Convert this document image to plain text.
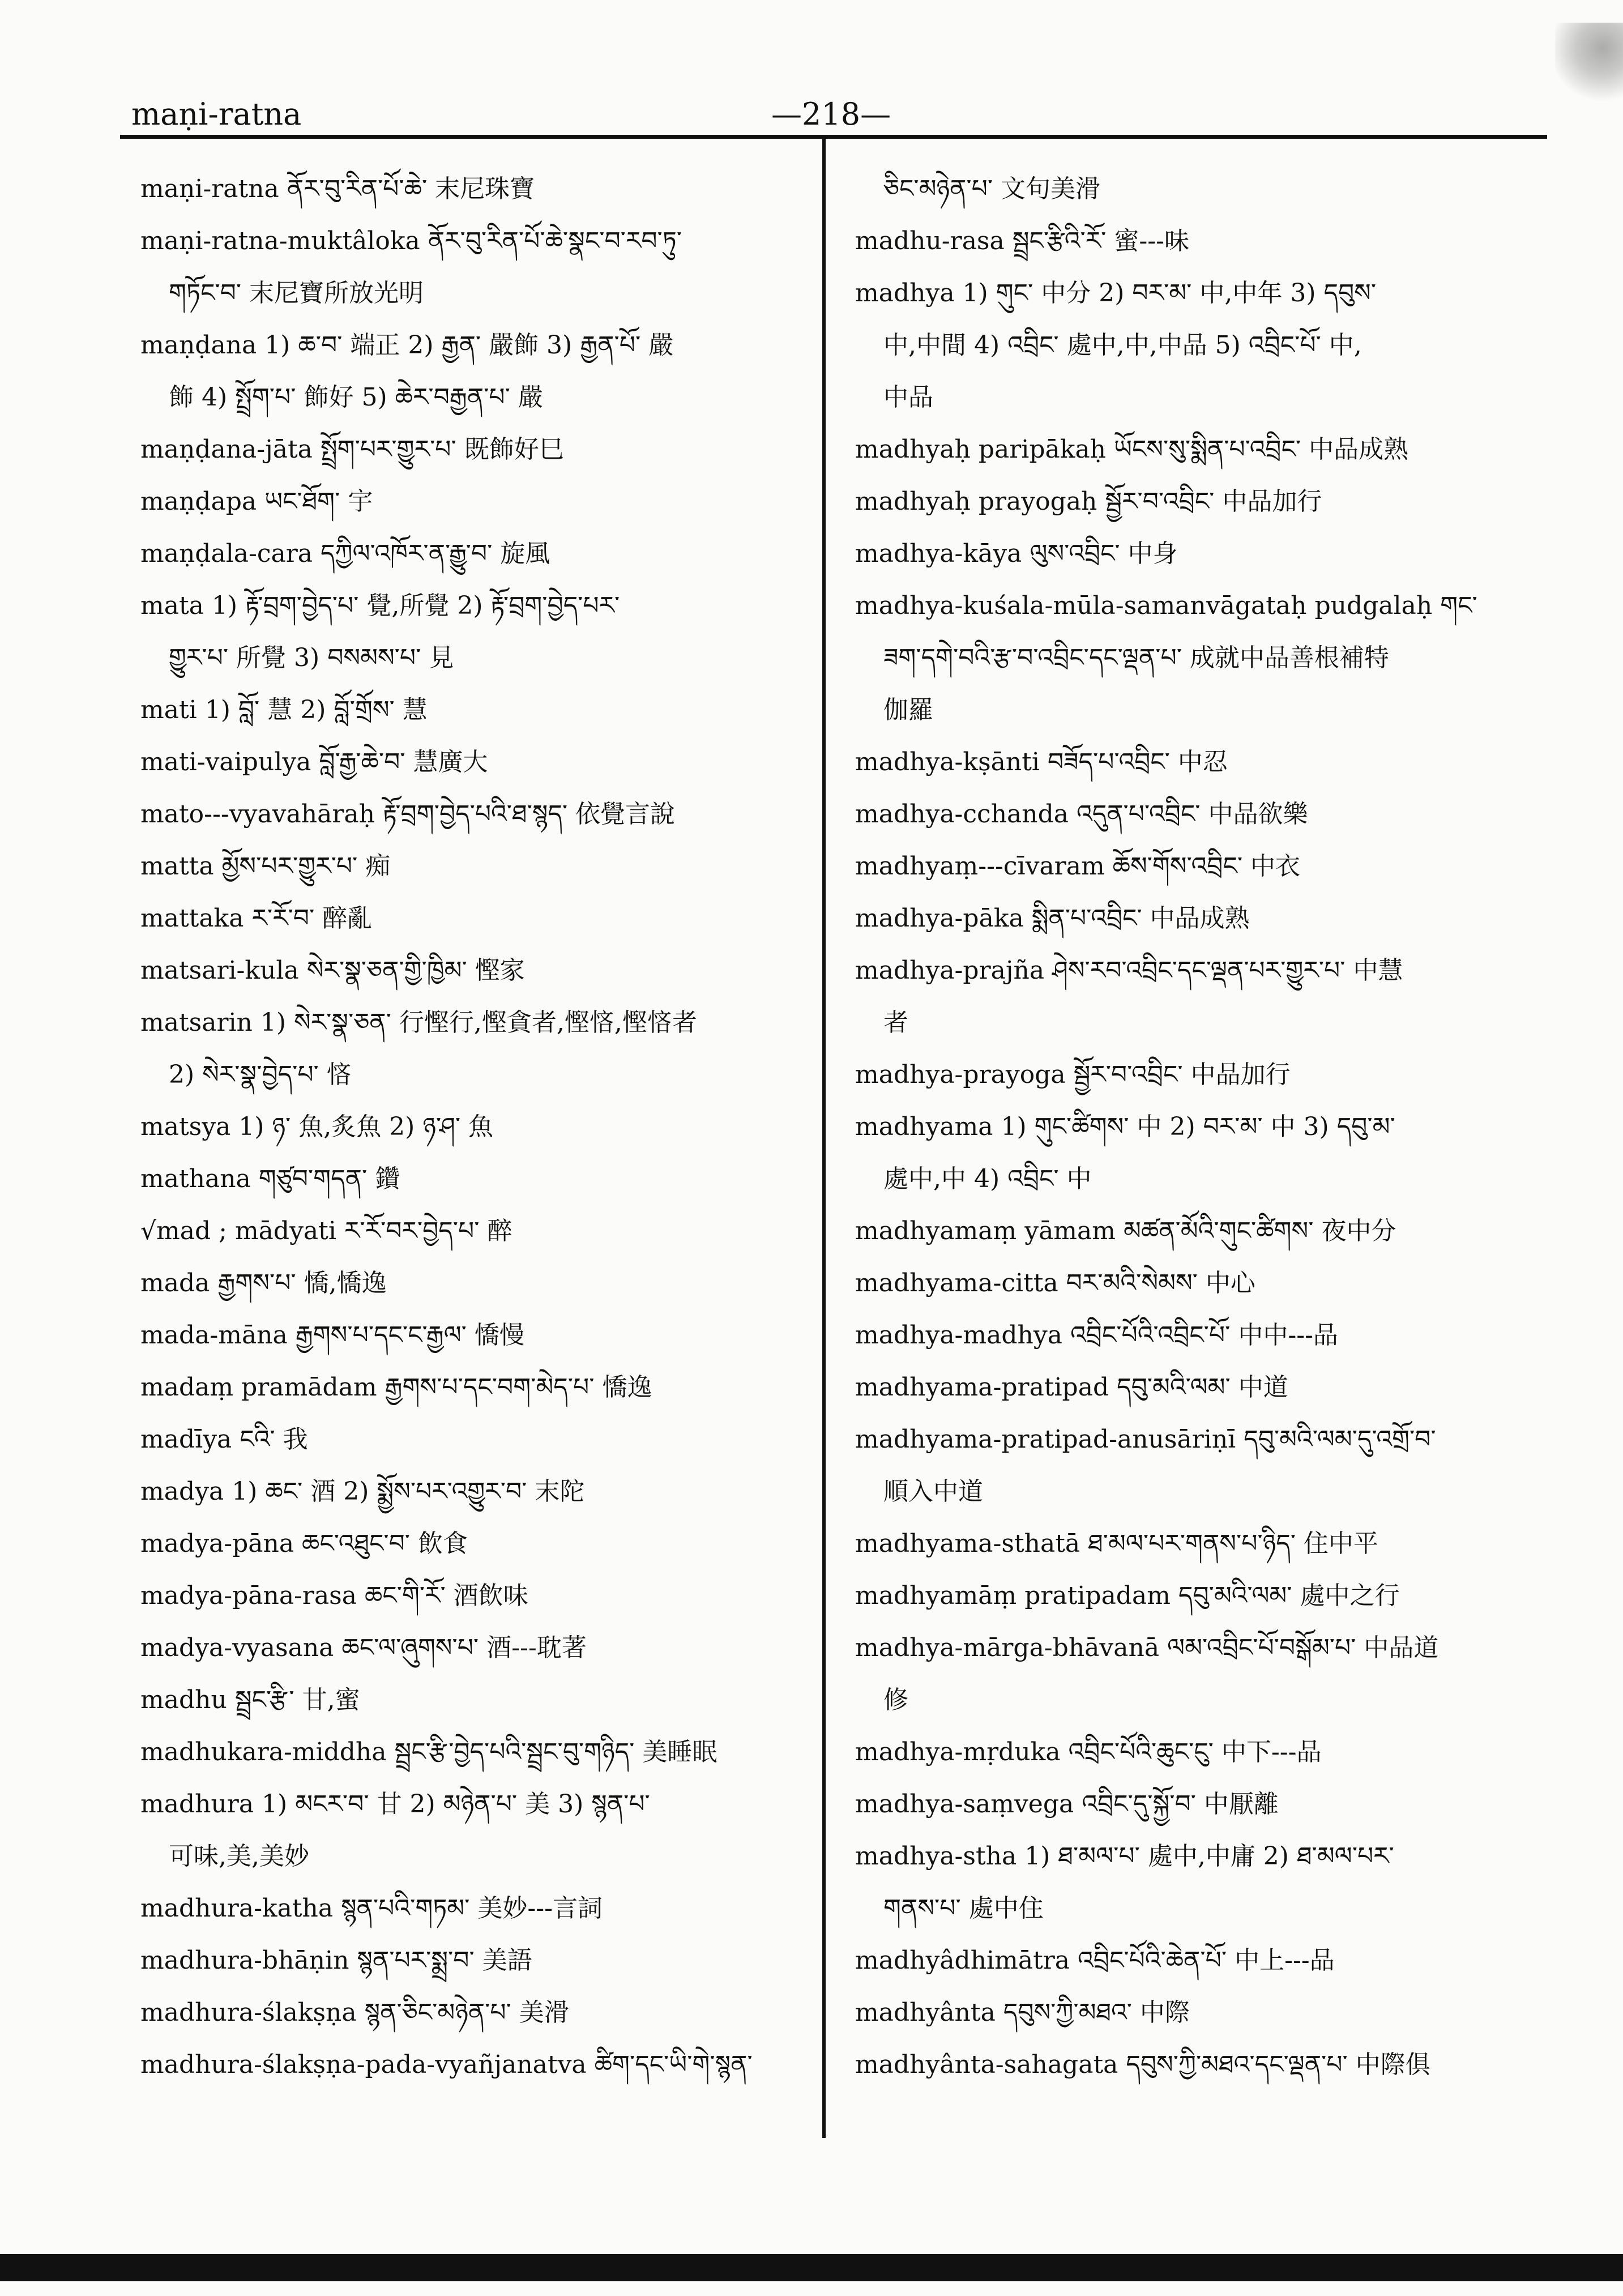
maṇi-ratna	—218—
maṇi-ratna ནོར་བུ་རིན་པོ་ཆེ་ 末尼珠寶
maṇi-ratna-muktâloka ནོར་བུ་རིན་པོ་ཆེ་སྣང་བ་རབ་ཏུ་
གཏོང་བ་ 末尼寶所放光明
maṇḍana 1) ཆ་བ་ 端正 2) རྒྱན་ 嚴飾 3) རྒྱན་པོ་ 嚴
飾 4) སྤྲོག་པ་ 飾好 5) ཆེར་བརྒྱན་པ་ 嚴
maṇḍana-jāta སྤྲོག་པར་གྱུར་པ་ 既飾好巳
maṇḍapa ཡང་ཐོག་ 宇
maṇḍala-cara དཀྱིལ་འཁོར་ན་རྒྱུ་བ་ 旋風
mata 1) རྟོ་བྲག་བྱེད་པ་ 覺,所覺 2) རྟོ་བྲག་བྱེད་པར་
གྱུར་པ་ 所覺 3) བསམས་པ་ 見
mati 1) བློ་ 慧 2) བློ་གྲོས་ 慧
mati-vaipulya བློ་རྒྱ་ཆེ་བ་ 慧廣大
mato---vyavahāraḥ རྟོ་བྲག་བྱེད་པའི་ཐ་སྙད་ 依覺言說
matta མྱོས་པར་གྱུར་པ་ 痴
mattaka ར་རོ་བ་ 醉亂
matsari-kula སེར་སྣ་ཅན་གྱི་ཁྱིམ་ 慳家
matsarin 1) སེར་སྣ་ཅན་ 行慳行,慳貪者,慳悋,慳悋者
2) སེར་སྣ་བྱེད་པ་ 悋
matsya 1) ཉ་ 魚,炙魚 2) ཉ་ཤ་ 魚
mathana གཙུབ་གདན་ 鑽
√mad ; mādyati ར་རོ་བར་བྱེད་པ་ 醉
mada རྒྱགས་པ་ 憍,憍逸
mada-māna རྒྱགས་པ་དང་ང་རྒྱལ་ 憍慢
madaṃ pramādam རྒྱགས་པ་དང་བག་མེད་པ་ 憍逸
madīya ངའི་ 我
madya 1) ཆང་ 酒 2) སྨྱོས་པར་འགྱུར་བ་ 末陀
madya-pāna ཆང་འཐུང་བ་ 飲食
madya-pāna-rasa ཆང་གི་རོ་ 酒飲味
madya-vyasana ཆང་ལ་ཞུགས་པ་ 酒---耽著
madhu སྦྲང་རྩི་ 甘,蜜
madhukara-middha སྦྲང་རྩི་བྱེད་པའི་སྦྲང་བུ་གཉིད་ 美睡眠
madhura 1) མངར་བ་ 甘 2) མཉེན་པ་ 美 3) སྙན་པ་
可味,美,美妙
madhura-katha སྙན་པའི་གཏམ་ 美妙---言詞
madhura-bhāṇin སྙན་པར་སྨྲ་བ་ 美語
madhura-ślakṣṇa སྙན་ཅིང་མཉེན་པ་ 美滑
madhura-ślakṣṇa-pada-vyañjanatva ཚིག་དང་ཡི་གེ་སྙན་
ཅིང་མཉེན་པ་ 文句美滑
madhu-rasa སྦྲང་རྩིའི་རོ་ 蜜---味
madhya 1) གུང་ 中分 2) བར་མ་ 中,中年 3) དབུས་
中,中間 4) འབྲིང་ 處中,中,中品 5) འབྲིང་པོ་ 中,
中品
madhyaḥ paripākaḥ ཡོངས་སུ་སྨིན་པ་འབྲིང་ 中品成熟
madhyaḥ prayogaḥ སྦྱོར་བ་འབྲིང་ 中品加行
madhya-kāya ལུས་འབྲིང་ 中身
madhya-kuśala-mūla-samanvāgataḥ pudgalaḥ གང་
ཟག་དགེ་བའི་རྩ་བ་འབྲིང་དང་ལྡན་པ་ 成就中品善根補特
伽羅
madhya-kṣānti བཟོད་པ་འབྲིང་ 中忍
madhya-cchanda འདུན་པ་འབྲིང་ 中品欲樂
madhyaṃ---cīvaram ཆོས་གོས་འབྲིང་ 中衣
madhya-pāka སྨིན་པ་འབྲིང་ 中品成熟
madhya-prajña ཤེས་རབ་འབྲིང་དང་ལྡན་པར་གྱུར་པ་ 中慧
者
madhya-prayoga སྦྱོར་བ་འབྲིང་ 中品加行
madhyama 1) གུང་ཚིགས་ 中 2) བར་མ་ 中 3) དབུ་མ་
處中,中 4) འབྲིང་ 中
madhyamaṃ yāmam མཚན་མོའི་གུང་ཚིགས་ 夜中分
madhyama-citta བར་མའི་སེམས་ 中心
madhya-madhya འབྲིང་པོའི་འབྲིང་པོ་ 中中---品
madhyama-pratipad དབུ་མའི་ལམ་ 中道
madhyama-pratipad-anusāriṇī དབུ་མའི་ལམ་དུ་འགྲོ་བ་
順入中道
madhyama-sthatā ཐ་མལ་པར་གནས་པ་ཉིད་ 住中平
madhyamāṃ pratipadam དབུ་མའི་ལམ་ 處中之行
madhya-mārga-bhāvanā ལམ་འབྲིང་པོ་བསྒོམ་པ་ 中品道
修
madhya-mṛduka འབྲིང་པོའི་ཆུང་ངུ་ 中下---品
madhya-saṃvega འབྲིང་དུ་སྐྱོ་བ་ 中厭離
madhya-stha 1) ཐ་མལ་པ་ 處中,中庸 2) ཐ་མལ་པར་
གནས་པ་ 處中住
madhyâdhimātra འབྲིང་པོའི་ཆེན་པོ་ 中上---品
madhyânta དབུས་ཀྱི་མཐའ་ 中際
madhyânta-sahagata དབུས་ཀྱི་མཐའ་དང་ལྡན་པ་ 中際俱
